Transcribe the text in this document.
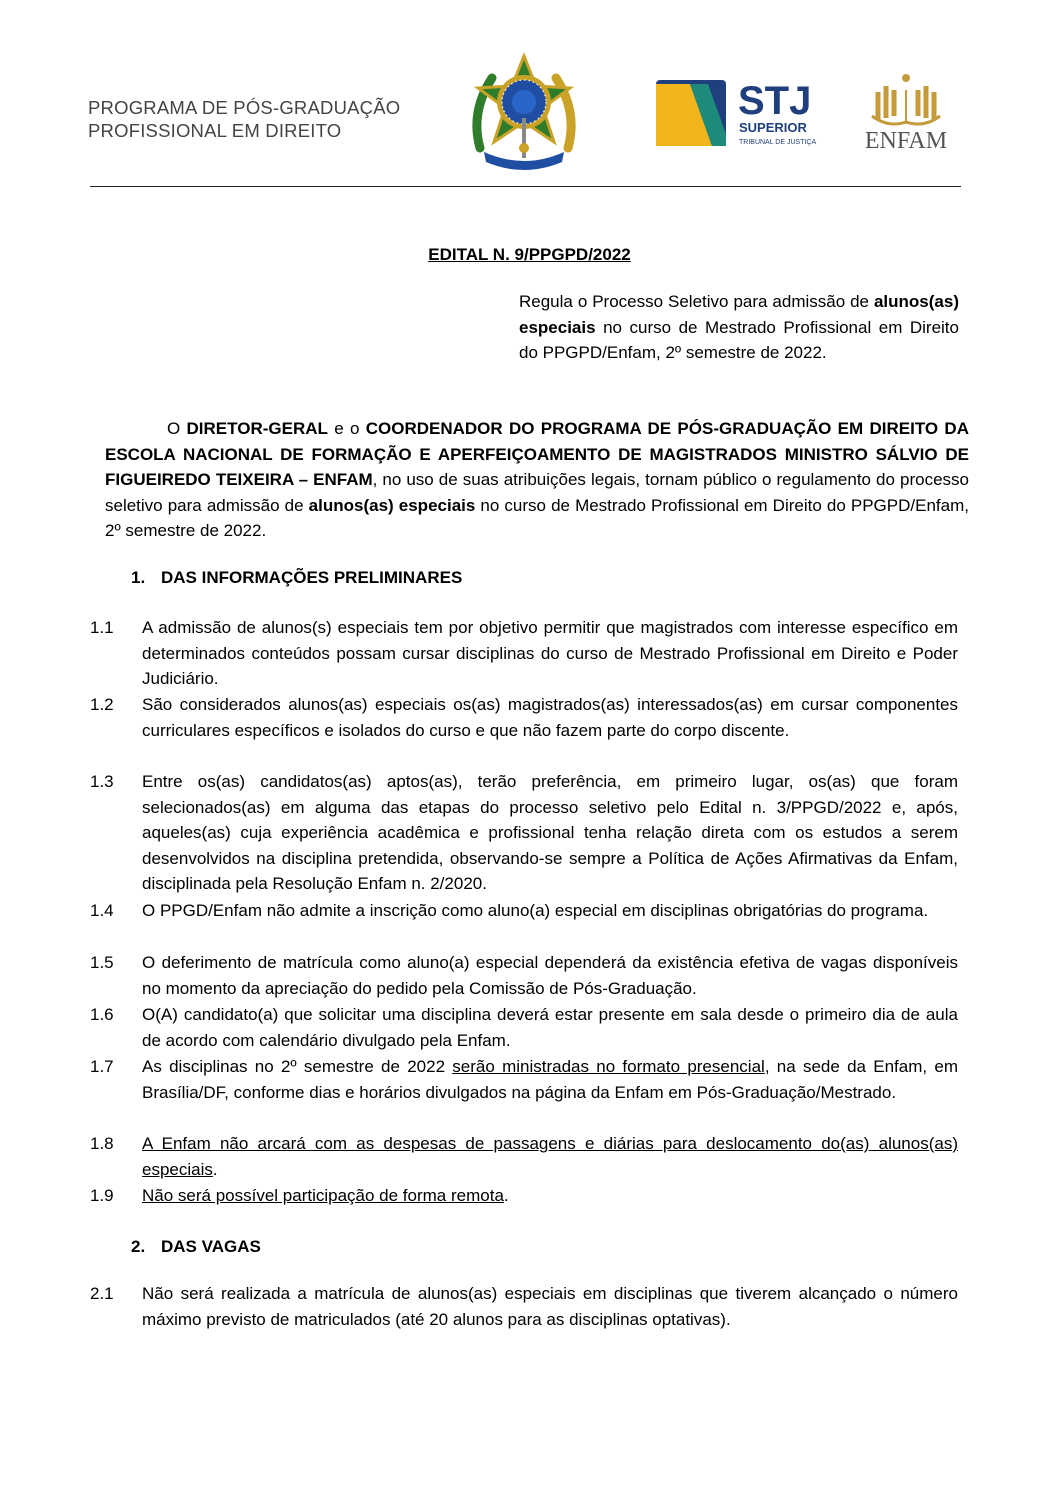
PROGRAMA DE PÓS-GRADUAÇÃO
PROFISSIONAL EM DIREITO
STJ
SUPERIOR
TRIBUNAL DE JUSTIÇA ENFAM
EDITAL N. 9/PPGPD/2022
Regula o Processo Seletivo para admissão de alunos(as) especiais no curso de Mestrado Profissional em Direito do PPGPD/Enfam, 2º semestre de 2022.
O DIRETOR-GERAL e o COORDENADOR DO PROGRAMA DE PÓS-GRADUAÇÃO EM DIREITO DA ESCOLA NACIONAL DE FORMAÇÃO E APERFEIÇOAMENTO DE MAGISTRADOS MINISTRO SÁLVIO DE FIGUEIREDO TEIXEIRA – ENFAM, no uso de suas atribuições legais, tornam público o regulamento do processo seletivo para admissão de alunos(as) especiais no curso de Mestrado Profissional em Direito do PPGPD/Enfam, 2º semestre de 2022.
1. DAS INFORMAÇÕES PRELIMINARES
1.1	A admissão de alunos(s) especiais tem por objetivo permitir que magistrados com interesse específico em determinados conteúdos possam cursar disciplinas do curso de Mestrado Profissional em Direito e Poder Judiciário.
1.2	São considerados alunos(as) especiais os(as) magistrados(as) interessados(as) em cursar componentes curriculares específicos e isolados do curso e que não fazem parte do corpo discente.
1.3	Entre os(as) candidatos(as) aptos(as), terão preferência, em primeiro lugar, os(as) que foram selecionados(as) em alguma das etapas do processo seletivo pelo Edital n. 3/PPGD/2022 e, após, aqueles(as) cuja experiência acadêmica e profissional tenha relação direta com os estudos a serem desenvolvidos na disciplina pretendida, observando-se sempre a Política de Ações Afirmativas da Enfam, disciplinada pela Resolução Enfam n. 2/2020.
1.4	O PPGD/Enfam não admite a inscrição como aluno(a) especial em disciplinas obrigatórias do programa.
1.5	O deferimento de matrícula como aluno(a) especial dependerá da existência efetiva de vagas disponíveis no momento da apreciação do pedido pela Comissão de Pós-Graduação.
1.6	O(A) candidato(a) que solicitar uma disciplina deverá estar presente em sala desde o primeiro dia de aula de acordo com calendário divulgado pela Enfam.
1.7	As disciplinas no 2º semestre de 2022 serão ministradas no formato presencial, na sede da Enfam, em Brasília/DF, conforme dias e horários divulgados na página da Enfam em Pós-Graduação/Mestrado.
1.8	A Enfam não arcará com as despesas de passagens e diárias para deslocamento do(as) alunos(as) especiais.
1.9	Não será possível participação de forma remota.
2. DAS VAGAS
2.1	Não será realizada a matrícula de alunos(as) especiais em disciplinas que tiverem alcançado o número máximo previsto de matriculados (até 20 alunos para as disciplinas optativas).
